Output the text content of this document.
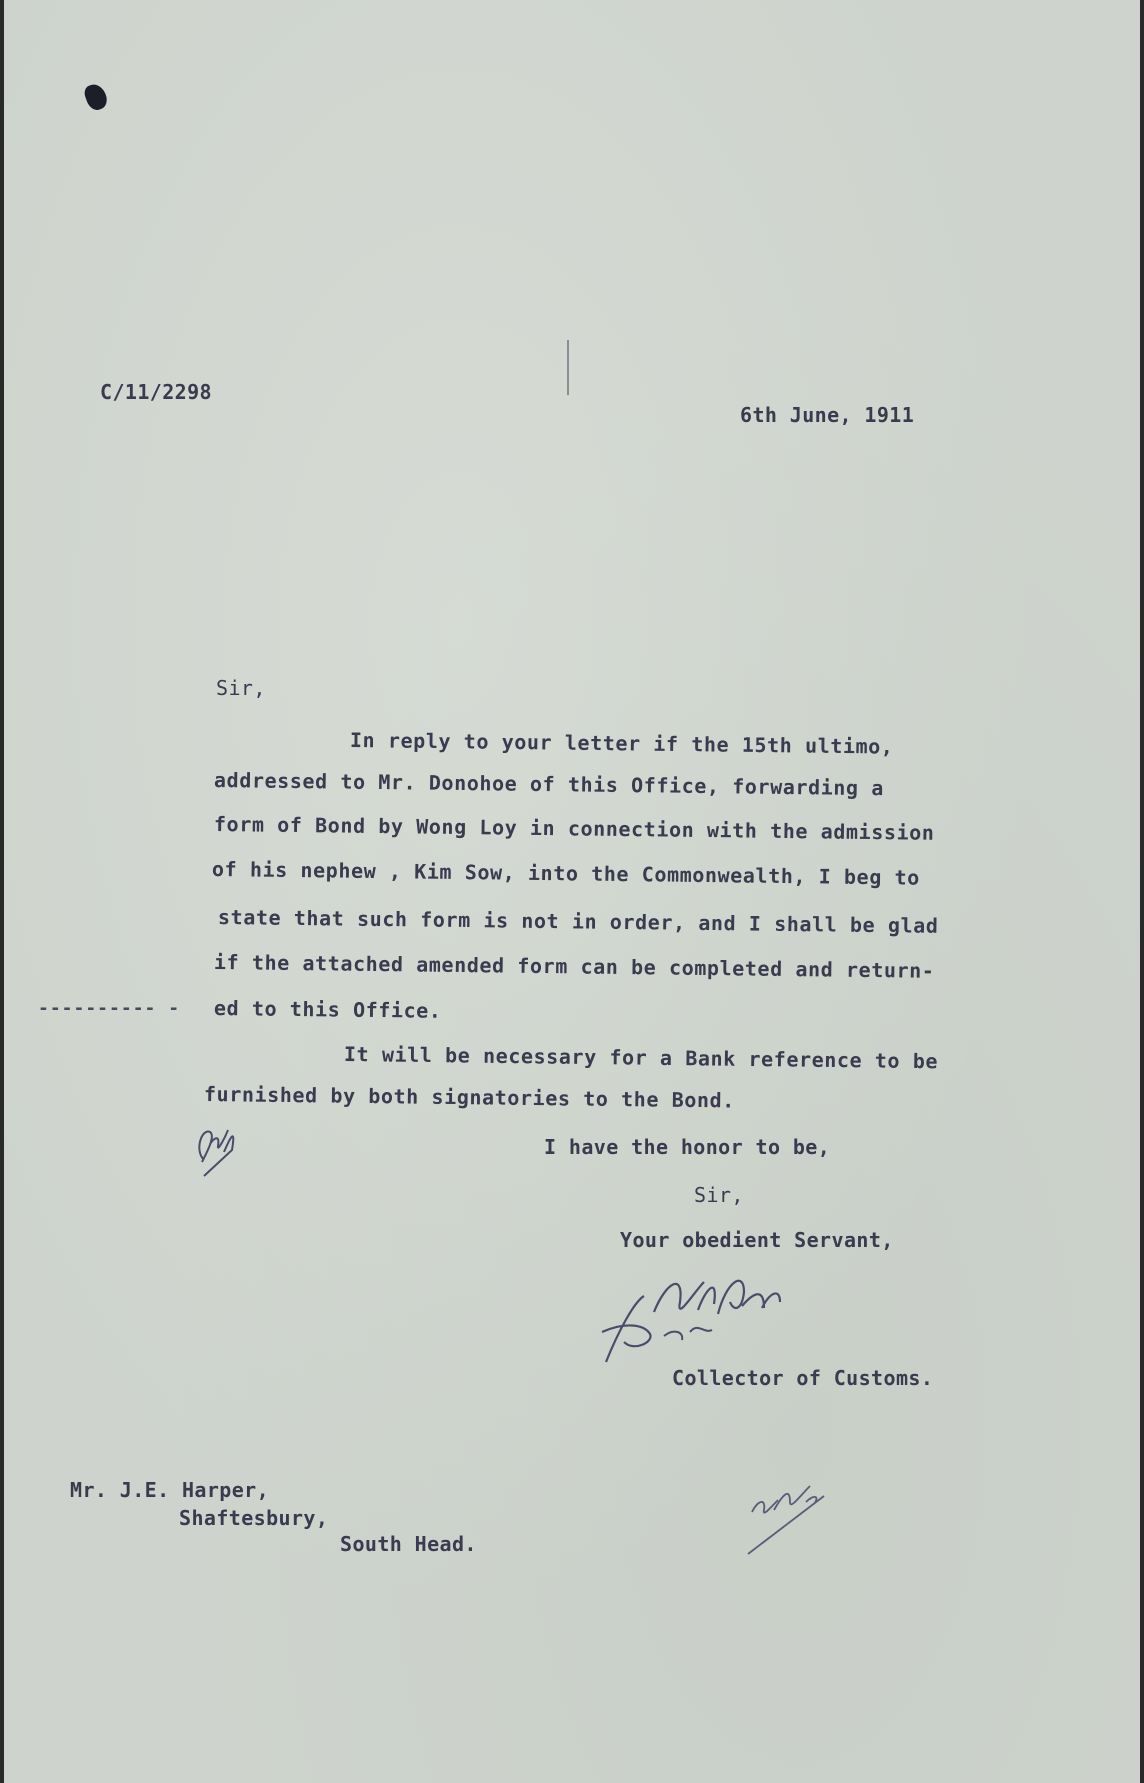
C/11/2298
6th June, 1911
Sir,
In reply to your letter if the 15th ultimo,
addressed to Mr. Donohoe of this Office, forwarding a
form of Bond by Wong Loy in connection with the admission
of his nephew , Kim Sow, into the Commonwealth, I beg to
state that such form is not in order, and I shall be glad
if the attached amended form can be completed and return-
---------- - ed to this Office.
It will be necessary for a Bank reference to be
furnished by both signatories to the Bond.
I have the honor to be,
Sir,
Your obedient Servant,
Collector of Customs.
Mr. J.E. Harper,
Shaftesbury,
South Head.
